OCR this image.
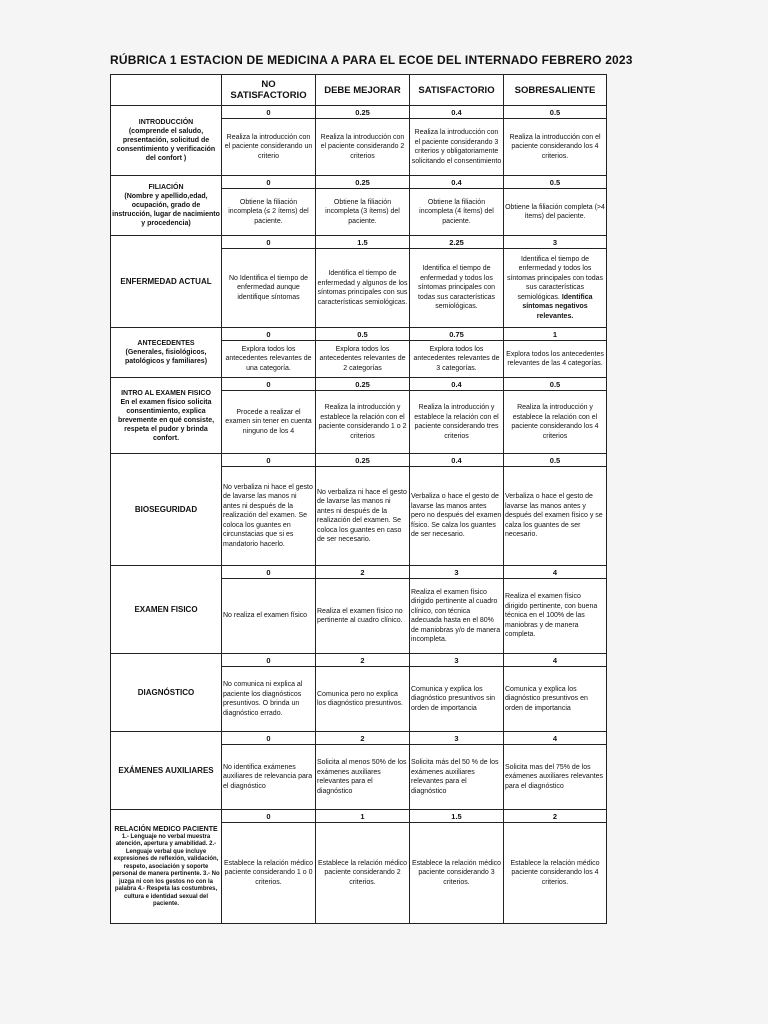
RÚBRICA 1 ESTACION DE MEDICINA A PARA EL ECOE DEL INTERNADO FEBRERO 2023
	NO SATISFACTORIO	DEBE MEJORAR	SATISFACTORIO	SOBRESALIENTE

INTRODUCCIÓN
(comprende el saludo, presentación, solicitud de consentimiento y verificación del confort )	0	0.25	0.4	0.5
	Realiza la introducción con el paciente considerando un criterio	Realiza la introducción con el paciente considerando 2 criterios	Realiza la introducción con el paciente considerando 3 criterios y obligatoriamente solicitando el consentimiento	Realiza la introducción con el paciente considerando los 4 criterios.

FILIACIÓN
(Nombre y apellido,edad, ocupación, grado de instrucción, lugar de nacimiento y procedencia)	0	0.25	0.4	0.5
	Obtiene la filiación incompleta (≤ 2 ítems) del paciente.	Obtiene la filiación incompleta (3 ítems) del paciente.	Obtiene la filiación incompleta (4 ítems) del paciente.	Obtiene la filiación completa (>4 ítems) del paciente.

ENFERMEDAD ACTUAL	0	1.5	2.25	3
	No Identifica el tiempo de enfermedad aunque identifique síntomas	Identifica el tiempo de enfermedad y algunos de los síntomas principales con sus características semiológicas.	Identifica el tiempo de enfermedad y todos los síntomas principales con todas sus características semiológicas.	Identifica el tiempo de enfermedad y todos los síntomas principales con todas sus características semiológicas. Identifica síntomas negativos relevantes.

ANTECEDENTES
(Generales, fisiológicos, patológicos y familiares)	0	0.5	0.75	1
	Explora todos los antecedentes relevantes de una categoría.	Explora todos los antecedentes relevantes de 2 categorías	Explora todos los antecedentes relevantes de 3 categorías.	Explora todos los antecedentes relevantes de las 4 categorías.

INTRO AL EXAMEN FISICO
En el examen físico solicita consentimiento, explica brevemente en qué consiste, respeta el pudor y brinda confort.	0	0.25	0.4	0.5
	Procede a realizar el examen sin tener en cuenta ninguno de los 4	Realiza la introducción y establece la relación con el paciente considerando 1 o 2 criterios	Realiza la introducción y establece la relación con el paciente considerando tres criterios	Realiza la introducción y establece la relación con el paciente considerando los 4 criterios

BIOSEGURIDAD	0	0.25	0.4	0.5
	No verbaliza ni hace el gesto de lavarse las manos ni antes ni después de la realización del examen. Se coloca los guantes en circunstacias que si es mandatorio hacerlo.	No verbaliza ni hace el gesto de lavarse las manos ni antes ni después de la realización del examen. Se coloca los guantes en caso de ser necesario.	Verbaliza o hace el gesto de lavarse las manos antes pero no después del examen físico. Se calza los guantes de ser necesario.	Verbaliza o hace el gesto de lavarse las manos antes y después del examen físico y se calza los guantes de ser necesario.

EXAMEN FISICO	0	2	3	4
	No realiza el examen físico	Realiza el examen físico no pertinente al cuadro clínico.	Realiza el examen físico dirigido pertinente al cuadro clínico, con técnica adecuada hasta en el 80% de maniobras y/o de manera incompleta.	Realiza el examen físico dirigido pertinente, con buena técnica en el 100% de las maniobras y de manera completa.

DIAGNÓSTICO	0	2	3	4
	No comunica ni explica al paciente los diagnósticos presuntivos. O brinda un diagnóstico errado.	Comunica pero no explica los diagnóstico presuntivos.	Comunica y explica los diagnóstico presuntivos sin orden de importancia	Comunica y explica los diagnóstico presuntivos en orden de importancia

EXÁMENES AUXILIARES	0	2	3	4
	No identifica exámenes auxiliares de relevancia para el diagnóstico	Solicita al menos 50% de los exámenes auxiliares relevantes para el diagnóstico	Solicita más del 50 % de los exámenes auxiliares relevantes para el diagnóstico	Solicita mas del 75% de los exámenes auxiliares relevantes para el diagnóstico

RELACIÓN MEDICO PACIENTE
1.- Lenguaje no verbal muestra atención, apertura y amabilidad. 2.- Lenguaje verbal que incluye expresiones de reflexión, validación, respeto, asociación y soporte personal de manera pertinente. 3.- No juzga ni con los gestos no con la palabra 4.- Respeta las costumbres, cultura e identidad sexual del paciente.	0	1	1.5	2
	Establece la relación médico paciente considerando 1 o 0 criterios.	Establece la relación médico paciente considerando 2 criterios.	Establece la relación médico paciente considerando 3 criterios.	Establece la relación médico paciente considerando los 4 criterios.
